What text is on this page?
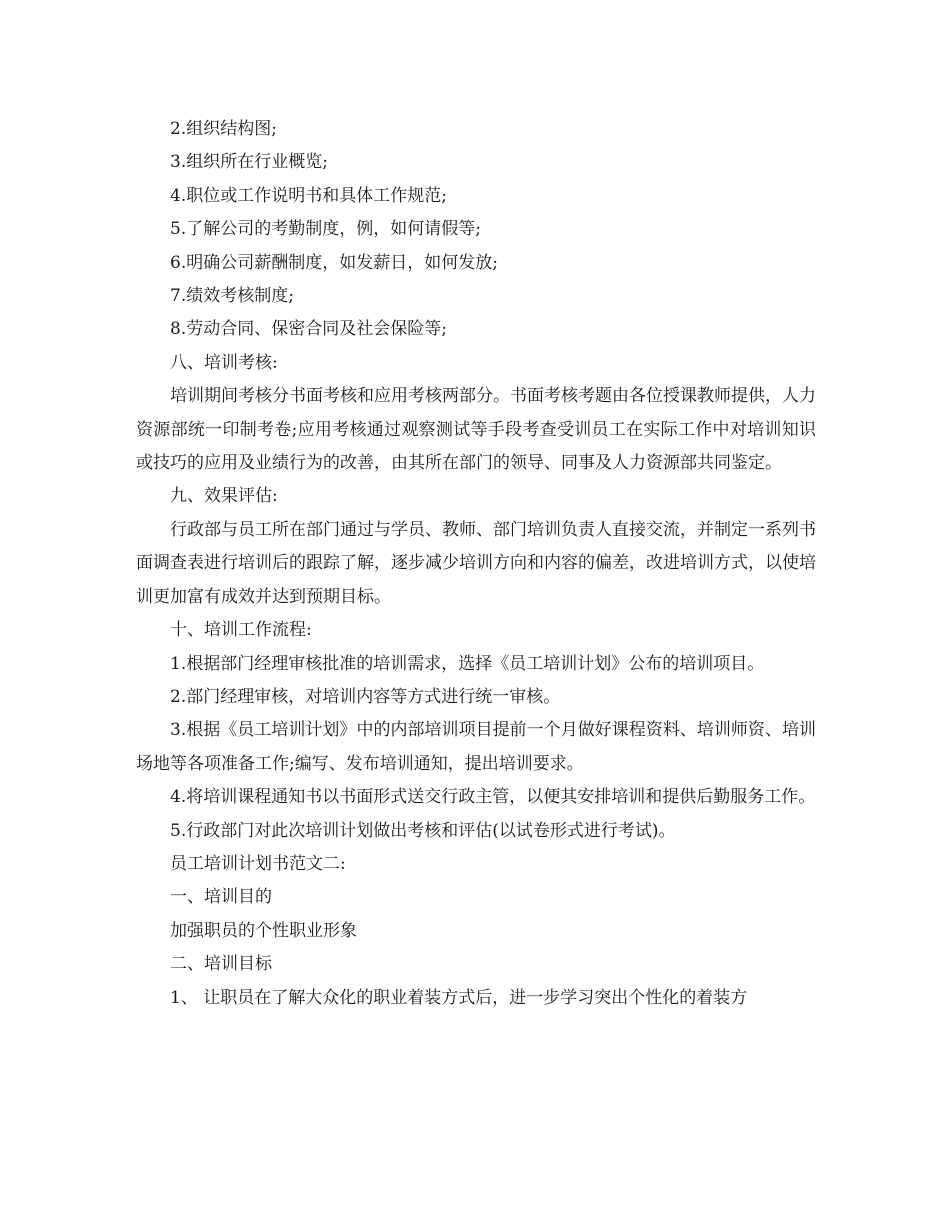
2.组织结构图;

3.组织所在行业概览;

4.职位或工作说明书和具体工作规范;

5.了解公司的考勤制度，例，如何请假等;

6.明确公司薪酬制度，如发薪日，如何发放;

7.绩效考核制度;

8.劳动合同、保密合同及社会保险等;

八、培训考核:

培训期间考核分书面考核和应用考核两部分。书面考核考题由各位授课教师提供，人力资源部统一印制考卷;应用考核通过观察测试等手段考查受训员工在实际工作中对培训知识或技巧的应用及业绩行为的改善，由其所在部门的领导、同事及人力资源部共同鉴定。

九、效果评估:

行政部与员工所在部门通过与学员、教师、部门培训负责人直接交流，并制定一系列书面调查表进行培训后的跟踪了解，逐步减少培训方向和内容的偏差，改进培训方式，以使培训更加富有成效并达到预期目标。

十、培训工作流程:

1.根据部门经理审核批准的培训需求，选择《员工培训计划》公布的培训项目。

2.部门经理审核，对培训内容等方式进行统一审核。

3.根据《员工培训计划》中的内部培训项目提前一个月做好课程资料、培训师资、培训场地等各项准备工作;编写、发布培训通知，提出培训要求。

4.将培训课程通知书以书面形式送交行政主管，以便其安排培训和提供后勤服务工作。

5.行政部门对此次培训计划做出考核和评估(以试卷形式进行考试)。

员工培训计划书范文二:

一、培训目的

加强职员的个性职业形象

二、培训目标

1、 让职员在了解大众化的职业着装方式后，进一步学习突出个性化的着装方
